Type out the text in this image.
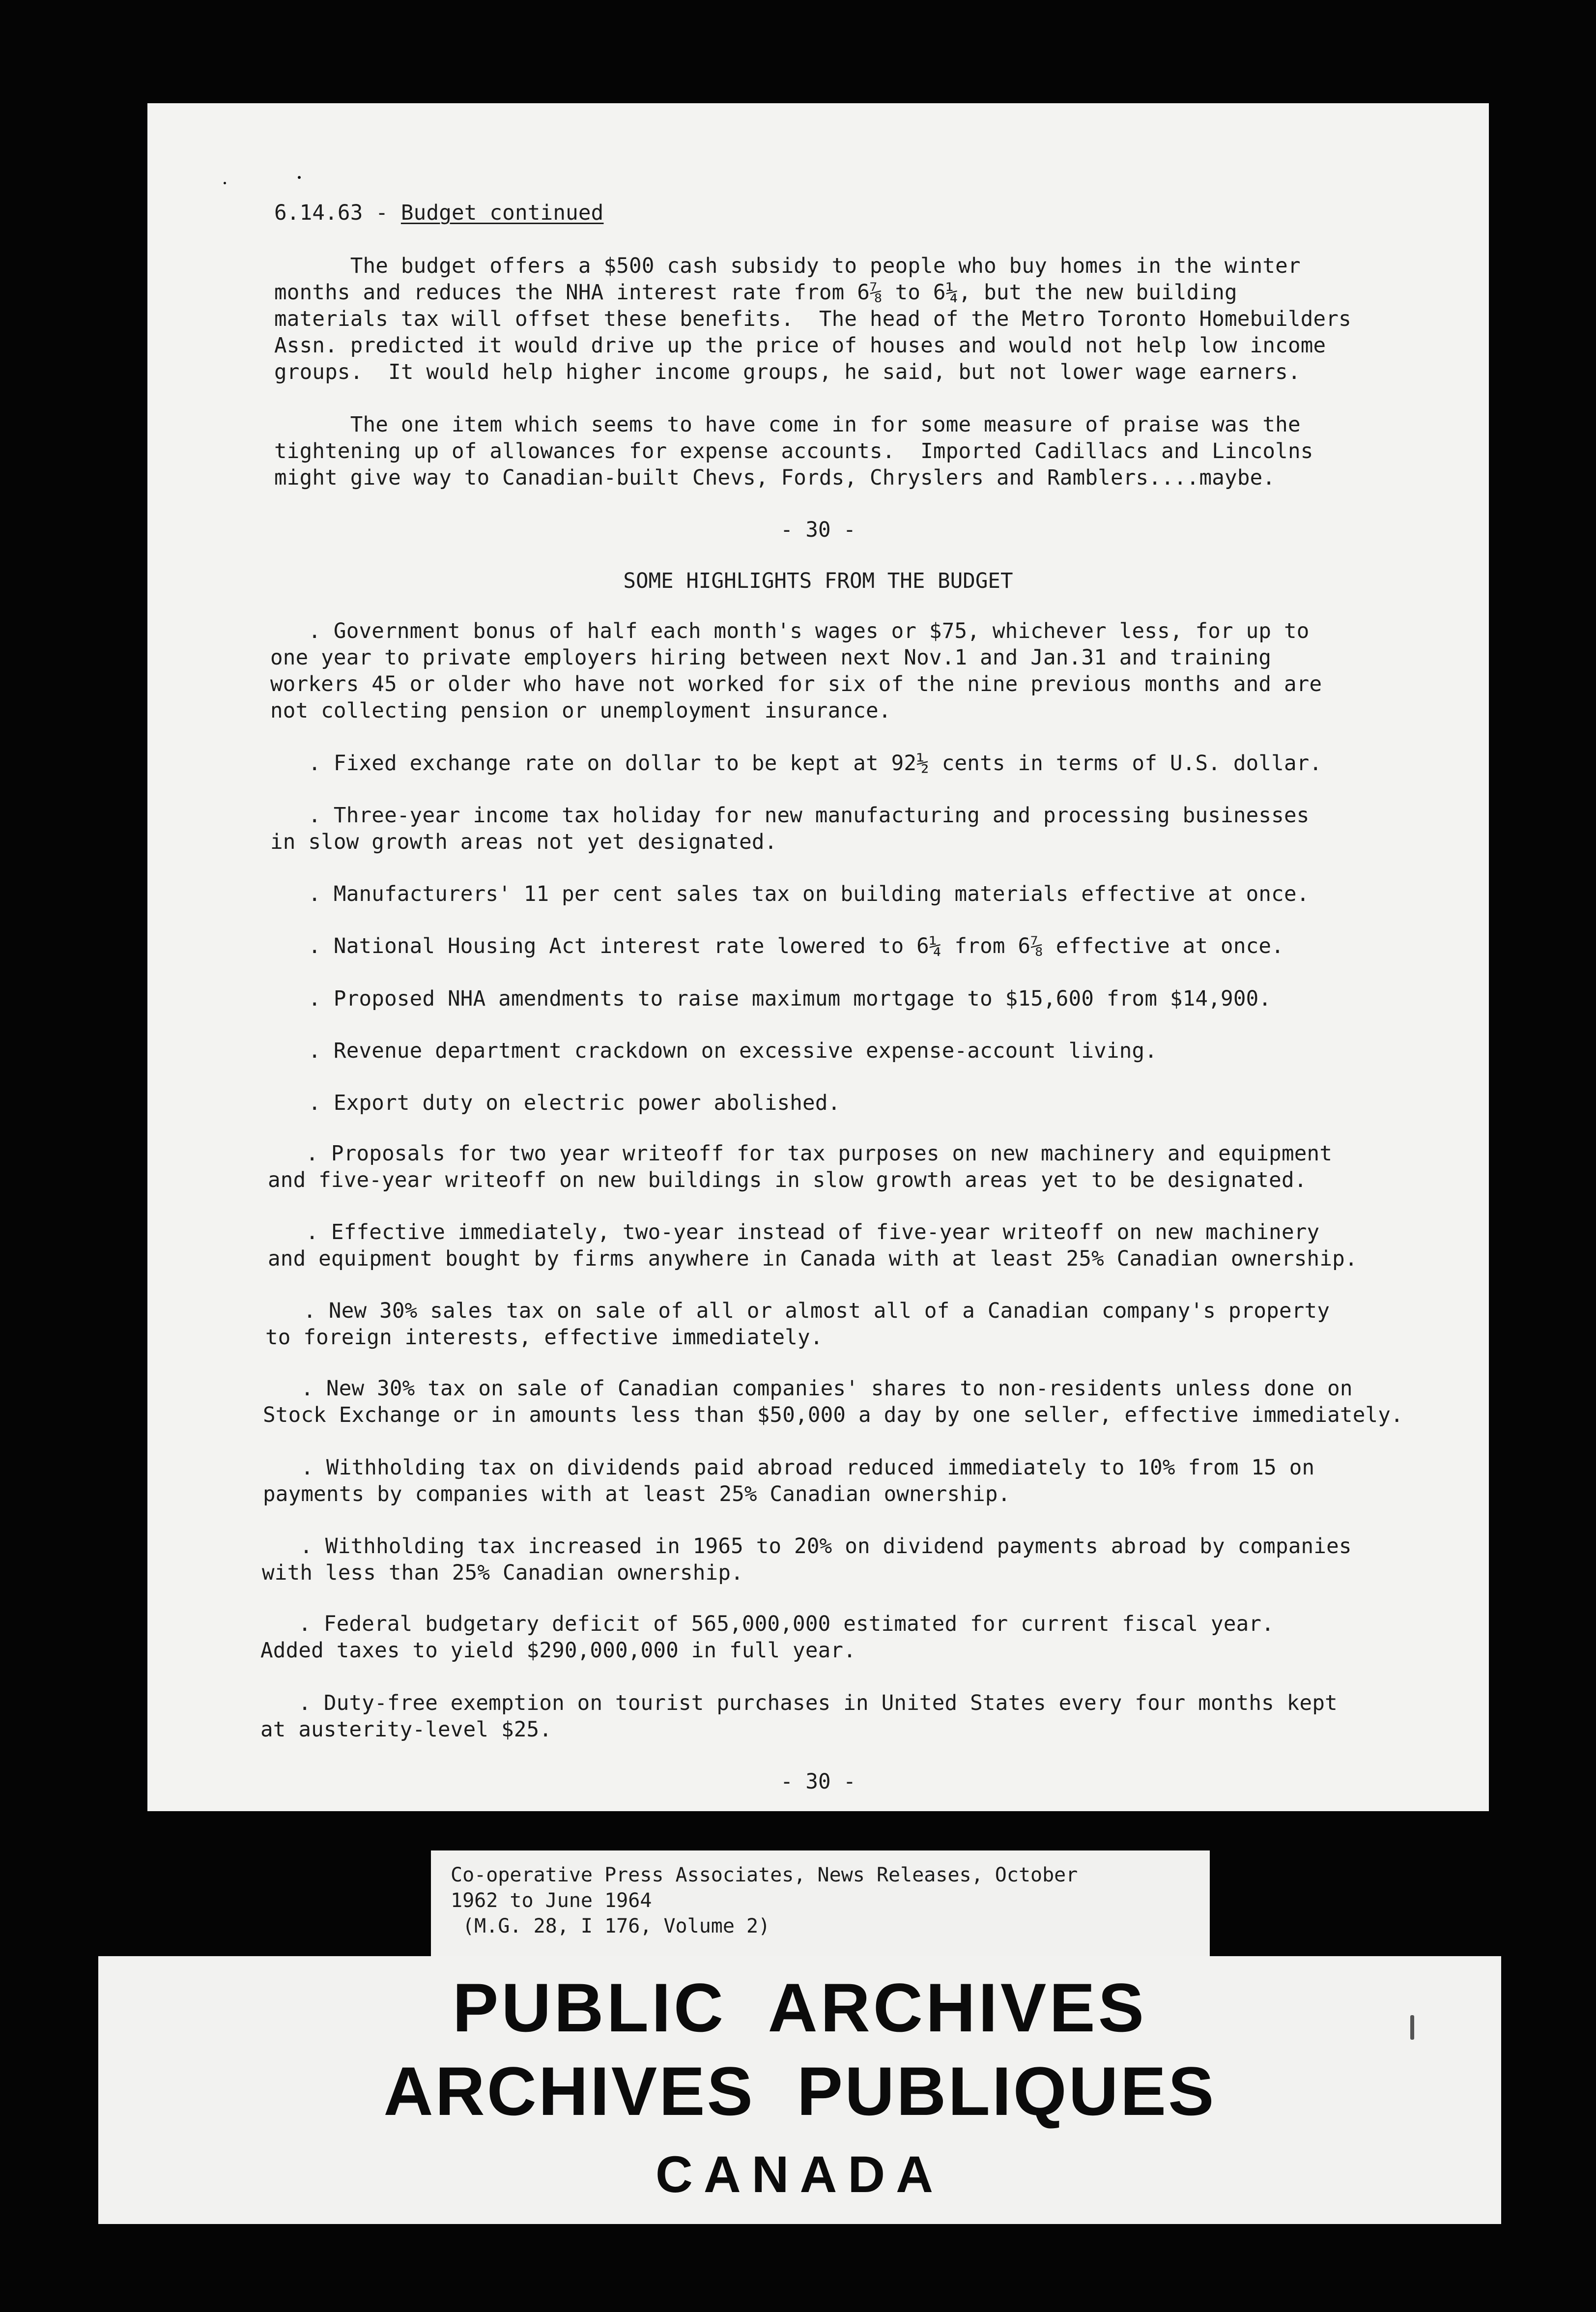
6.14.63 - Budget continued
The budget offers a $500 cash subsidy to people who buy homes in the winter
months and reduces the NHA interest rate from 6⅞ to 6¼, but the new building
materials tax will offset these benefits.  The head of the Metro Toronto Homebuilders
Assn. predicted it would drive up the price of houses and would not help low income
groups.  It would help higher income groups, he said, but not lower wage earners.
The one item which seems to have come in for some measure of praise was the
tightening up of allowances for expense accounts.  Imported Cadillacs and Lincolns
might give way to Canadian-built Chevs, Fords, Chryslers and Ramblers....maybe.
- 30 -
SOME HIGHLIGHTS FROM THE BUDGET
. Government bonus of half each month's wages or $75, whichever less, for up to
one year to private employers hiring between next Nov.1 and Jan.31 and training
workers 45 or older who have not worked for six of the nine previous months and are
not collecting pension or unemployment insurance.
. Fixed exchange rate on dollar to be kept at 92½ cents in terms of U.S. dollar.
. Three-year income tax holiday for new manufacturing and processing businesses
in slow growth areas not yet designated.
. Manufacturers' 11 per cent sales tax on building materials effective at once.
. National Housing Act interest rate lowered to 6¼ from 6⅞ effective at once.
. Proposed NHA amendments to raise maximum mortgage to $15,600 from $14,900.
. Revenue department crackdown on excessive expense-account living.
. Export duty on electric power abolished.
. Proposals for two year writeoff for tax purposes on new machinery and equipment
and five-year writeoff on new buildings in slow growth areas yet to be designated.
. Effective immediately, two-year instead of five-year writeoff on new machinery
and equipment bought by firms anywhere in Canada with at least 25% Canadian ownership.
. New 30% sales tax on sale of all or almost all of a Canadian company's property
to foreign interests, effective immediately.
. New 30% tax on sale of Canadian companies' shares to non-residents unless done on
Stock Exchange or in amounts less than $50,000 a day by one seller, effective immediately.
. Withholding tax on dividends paid abroad reduced immediately to 10% from 15 on
payments by companies with at least 25% Canadian ownership.
. Withholding tax increased in 1965 to 20% on dividend payments abroad by companies
with less than 25% Canadian ownership.
. Federal budgetary deficit of 565,000,000 estimated for current fiscal year.
Added taxes to yield $290,000,000 in full year.
. Duty-free exemption on tourist purchases in United States every four months kept
at austerity-level $25.
- 30 -
Co-operative Press Associates, News Releases, October
1962 to June 1964
(M.G. 28, I 176, Volume 2)
PUBLIC  ARCHIVES
ARCHIVES  PUBLIQUES
CANADA
